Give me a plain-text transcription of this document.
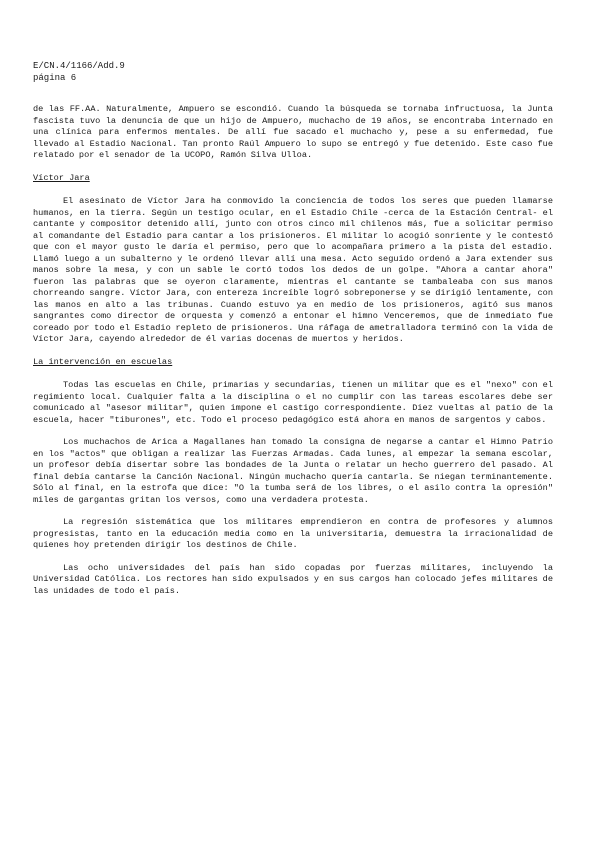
E/CN.4/1166/Add.9
página 6

de las FF.AA. Naturalmente, Ampuero se escondió. Cuando la búsqueda se tornaba infructuosa, la Junta fascista tuvo la denuncia de que un hijo de Ampuero, muchacho de 19 años, se encontraba internado en una clínica para enfermos mentales. De allí fue sacado el muchacho y, pese a su enfermedad, fue llevado al Estadio Nacional. Tan pronto Raúl Ampuero lo supo se entregó y fue detenido. Este caso fue relatado por el senador de la UCOPO, Ramón Silva Ulloa.

Víctor Jara

El asesinato de Víctor Jara ha conmovido la conciencia de todos los seres que pueden llamarse humanos, en la tierra. Según un testigo ocular, en el Estadio Chile -cerca de la Estación Central- el cantante y compositor detenido allí, junto con otros cinco mil chilenos más, fue a solicitar permiso al comandante del Estadio para cantar a los prisioneros. El militar lo acogió sonriente y le contestó que con el mayor gusto le daría el permiso, pero que lo acompañara primero a la pista del estadio. Llamó luego a un subalterno y le ordenó llevar allí una mesa. Acto seguido ordenó a Jara extender sus manos sobre la mesa, y con un sable le cortó todos los dedos de un golpe. "Ahora a cantar ahora" fueron las palabras que se oyeron claramente, mientras el cantante se tambaleaba con sus manos chorreando sangre. Víctor Jara, con entereza increíble logró sobreponerse y se dirigió lentamente, con las manos en alto a las tribunas. Cuando estuvo ya en medio de los prisioneros, agitó sus manos sangrantes como director de orquesta y comenzó a entonar el himno Venceremos, que de inmediato fue coreado por todo el Estadio repleto de prisioneros. Una ráfaga de ametralladora terminó con la vida de Víctor Jara, cayendo alrededor de él varias docenas de muertos y heridos.

La intervención en escuelas

Todas las escuelas en Chile, primarias y secundarias, tienen un militar que es el "nexo" con el regimiento local. Cualquier falta a la disciplina o el no cumplir con las tareas escolares debe ser comunicado al "asesor militar", quien impone el castigo correspondiente. Diez vueltas al patio de la escuela, hacer "tiburones", etc. Todo el proceso pedagógico está ahora en manos de sargentos y cabos.

Los muchachos de Arica a Magallanes han tomado la consigna de negarse a cantar el Himno Patrio en los "actos" que obligan a realizar las Fuerzas Armadas. Cada lunes, al empezar la semana escolar, un profesor debía disertar sobre las bondades de la Junta o relatar un hecho guerrero del pasado. Al final debía cantarse la Canción Nacional. Ningún muchacho quería cantarla. Se niegan terminantemente. Sólo al final, en la estrofa que dice: "O la tumba será de los libres, o el asilo contra la opresión" miles de gargantas gritan los versos, como una verdadera protesta.

La regresión sistemática que los militares emprendieron en contra de profesores y alumnos progresistas, tanto en la educación media como en la universitaria, demuestra la irracionalidad de quienes hoy pretenden dirigir los destinos de Chile.

Las ocho universidades del país han sido copadas por fuerzas militares, incluyendo la Universidad Católica. Los rectores han sido expulsados y en sus cargos han colocado jefes militares de las unidades de todo el país.
